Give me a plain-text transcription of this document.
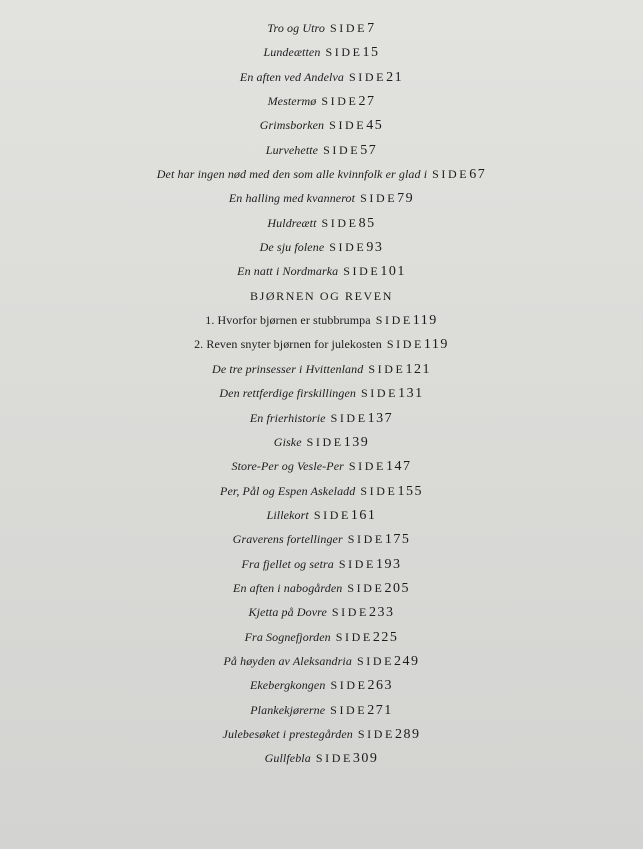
Tro og Utro SIDE7
Lundeætten SIDE15
En aften ved Andelva SIDE21
Mestermø SIDE27
Grimsborken SIDE45
Lurvehette SIDE57
Det har ingen nød med den som alle kvinnfolk er glad i SIDE67
En halling med kvannerot SIDE79
Huldreætt SIDE85
De sju folene SIDE93
En natt i Nordmarka SIDE101
BJØRNEN OG REVEN
1. Hvorfor bjørnen er stubbrumpa SIDE119
2. Reven snyter bjørnen for julekosten SIDE119
De tre prinsesser i Hvittenland SIDE121
Den rettferdige firskillingen SIDE131
En frierhistorie SIDE137
Giske SIDE139
Store-Per og Vesle-Per SIDE147
Per, Pål og Espen Askeladd SIDE155
Lillekort SIDE161
Graverens fortellinger SIDE175
Fra fjellet og setra SIDE193
En aften i nabogården SIDE205
Kjetta på Dovre SIDE233
Fra Sognefjorden SIDE225
På høyden av Aleksandria SIDE249
Ekebergkongen SIDE263
Plankekjørerne SIDE271
Julebesøket i prestegården SIDE289
Gullfebla SIDE309
